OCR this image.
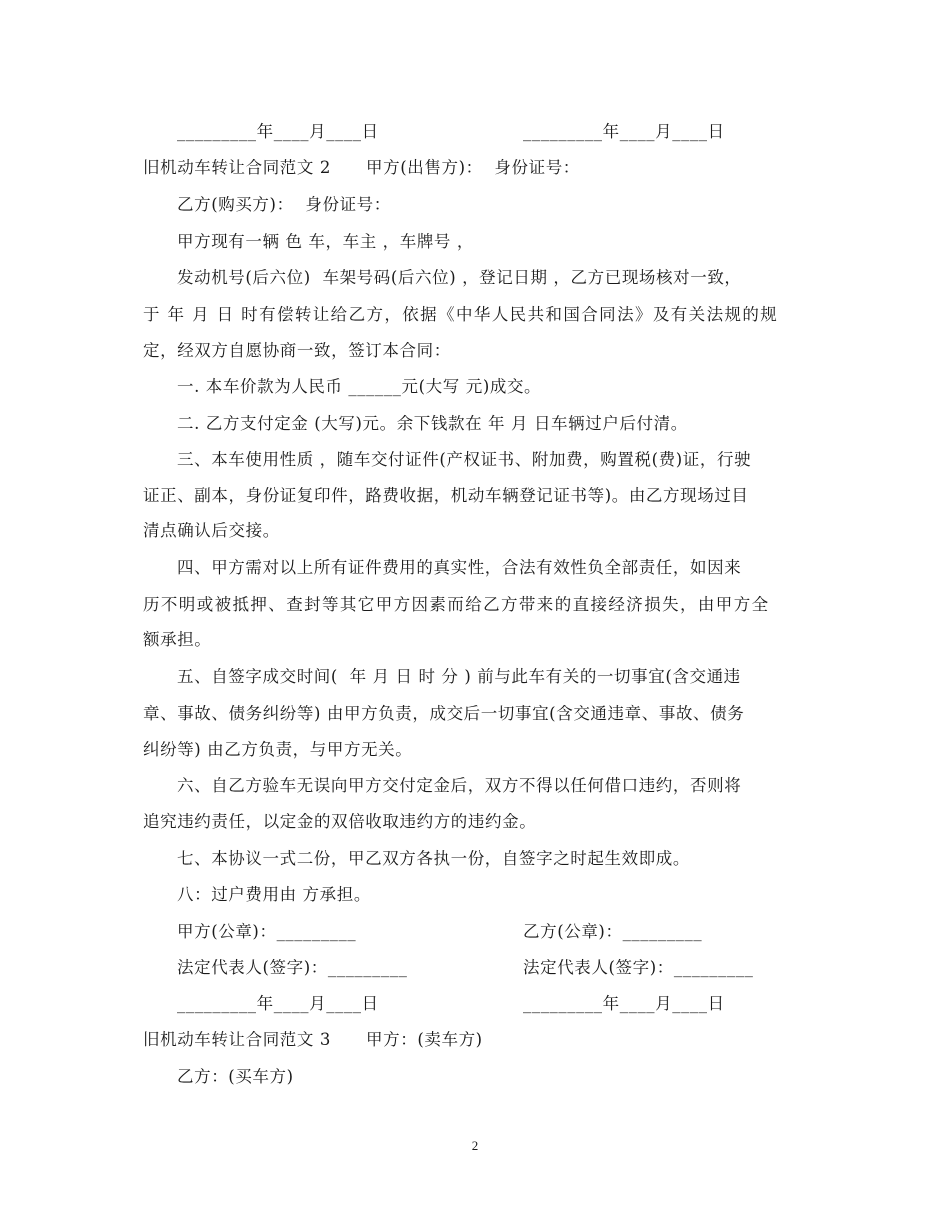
_________年____月____日	_________年____月____日
旧机动车转让合同范文 2 甲方(出售方)：  身份证号：
乙方(购买方)：  身份证号：
甲方现有一辆 色 车，车主 ，车牌号 ，
发动机号(后六位)  车架号码(后六位) ，登记日期 ，乙方已现场核对一致，
于 年 月 日 时有偿转让给乙方，依据《中华人民共和国合同法》及有关法规的规
定，经双方自愿协商一致，签订本合同：
一. 本车价款为人民币 ______元(大写 元)成交。
二. 乙方支付定金 (大写)元。余下钱款在 年 月 日车辆过户后付清。
三、本车使用性质 ，随车交付证件(产权证书、附加费，购置税(费)证，行驶
证正、副本，身份证复印件，路费收据，机动车辆登记证书等)。由乙方现场过目
清点确认后交接。
四、甲方需对以上所有证件费用的真实性，合法有效性负全部责任，如因来
历不明或被抵押、查封等其它甲方因素而给乙方带来的直接经济损失，由甲方全
额承担。
五、自签字成交时间(  年 月 日 时 分 ) 前与此车有关的一切事宜(含交通违
章、事故、债务纠纷等) 由甲方负责，成交后一切事宜(含交通违章、事故、债务
纠纷等) 由乙方负责，与甲方无关。
六、自乙方验车无误向甲方交付定金后，双方不得以任何借口违约，否则将
追究违约责任，以定金的双倍收取违约方的违约金。
七、本协议一式二份，甲乙双方各执一份，自签字之时起生效即成。
八：过户费用由 方承担。
甲方(公章)：_________	乙方(公章)：_________
法定代表人(签字)：_________	法定代表人(签字)：_________
_________年____月____日	_________年____月____日
旧机动车转让合同范文 3 甲方：(卖车方)
乙方：(买车方)
2
